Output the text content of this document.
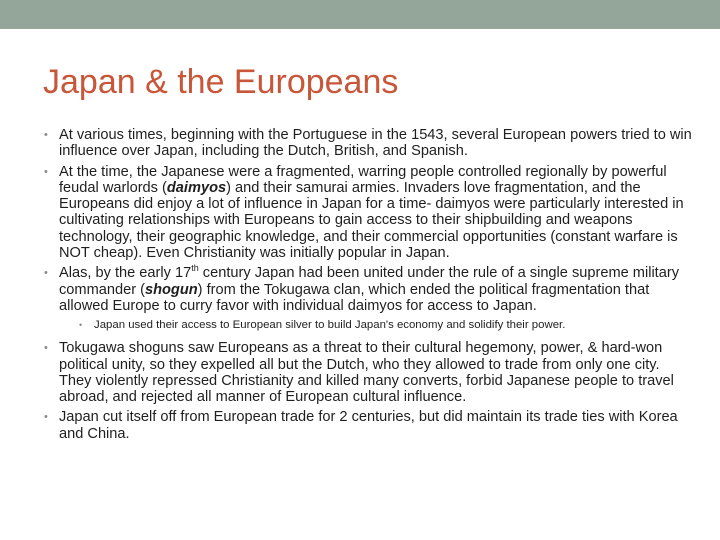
Japan & the Europeans
• At various times, beginning with the Portuguese in the 1543, several European powers tried to win influence over Japan, including the Dutch, British, and Spanish.
• At the time, the Japanese were a fragmented, warring people controlled regionally by powerful feudal warlords (daimyos) and their samurai armies. Invaders love fragmentation, and the Europeans did enjoy a lot of influence in Japan for a time- daimyos were particularly interested in cultivating relationships with Europeans to gain access to their shipbuilding and weapons technology, their geographic knowledge, and their commercial opportunities (constant warfare is NOT cheap). Even Christianity was initially popular in Japan.
• Alas, by the early 17th century Japan had been united under the rule of a single supreme military commander (shogun) from the Tokugawa clan, which ended the political fragmentation that allowed Europe to curry favor with individual daimyos for access to Japan.
• Japan used their access to European silver to build Japan's economy and solidify their power.
• Tokugawa shoguns saw Europeans as a threat to their cultural hegemony, power, & hard-won political unity, so they expelled all but the Dutch, who they allowed to trade from only one city. They violently repressed Christianity and killed many converts, forbid Japanese people to travel abroad, and rejected all manner of European cultural influence.
• Japan cut itself off from European trade for 2 centuries, but did maintain its trade ties with Korea and China.
